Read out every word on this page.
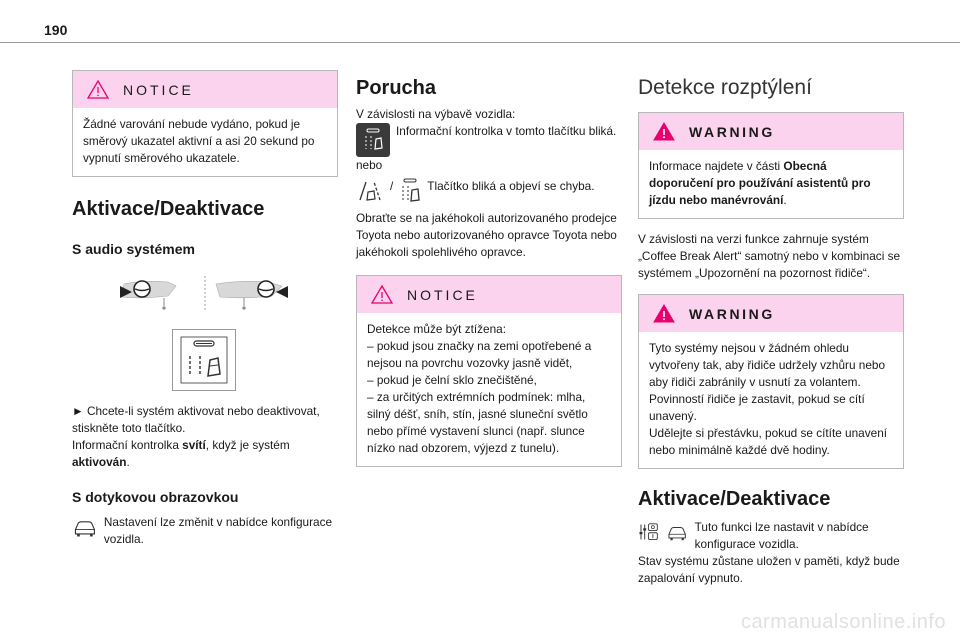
190
NOTICE
Žádné varování nebude vydáno, pokud je směrový ukazatel aktivní a asi 20 sekund po vypnutí směrového ukazatele.
Aktivace/Deaktivace
S audio systémem
► Chcete-li systém aktivovat nebo deaktivovat, stiskněte toto tlačítko.
Informační kontrolka svítí, když je systém aktivován.
S dotykovou obrazovkou
Nastavení lze změnit v nabídce konfigurace vozidla.
Porucha
V závislosti na výbavě vozidla:
Informační kontrolka v tomto tlačítku bliká.
nebo
/	Tlačítko bliká a objeví se chyba.
Obraťte se na jakéhokoli autorizovaného prodejce Toyota nebo autorizovaného opravce Toyota nebo jakéhokoli spolehlivého opravce.
NOTICE
Detekce může být ztížena:
– pokud jsou značky na zemi opotřebené a nejsou na povrchu vozovky jasně vidět,
– pokud je čelní sklo znečištěné,
– za určitých extrémních podmínek: mlha, silný déšť, sníh, stín, jasné sluneční světlo nebo přímé vystavení slunci (např. slunce nízko nad obzorem, výjezd z tunelu).
Detekce rozptýlení
WARNING
Informace najdete v části Obecná doporučení pro používání asistentů pro jízdu nebo manévrování.
V závislosti na verzi funkce zahrnuje systém „Coffee Break Alert“ samotný nebo v kombinaci se systémem „Upozornění na pozornost řidiče“.
WARNING
Tyto systémy nejsou v žádném ohledu vytvořeny tak, aby řidiče udržely vzhůru nebo aby řidiči zabránily v usnutí za volantem. Povinností řidiče je zastavit, pokud se cítí unavený.
Udělejte si přestávku, pokud se cítíte unavení nebo minimálně každé dvě hodiny.
Aktivace/Deaktivace
Tuto funkci lze nastavit v nabídce konfigurace vozidla.
Stav systému zůstane uložen v paměti, když bude zapalování vypnuto.
carmanualsonline.info
